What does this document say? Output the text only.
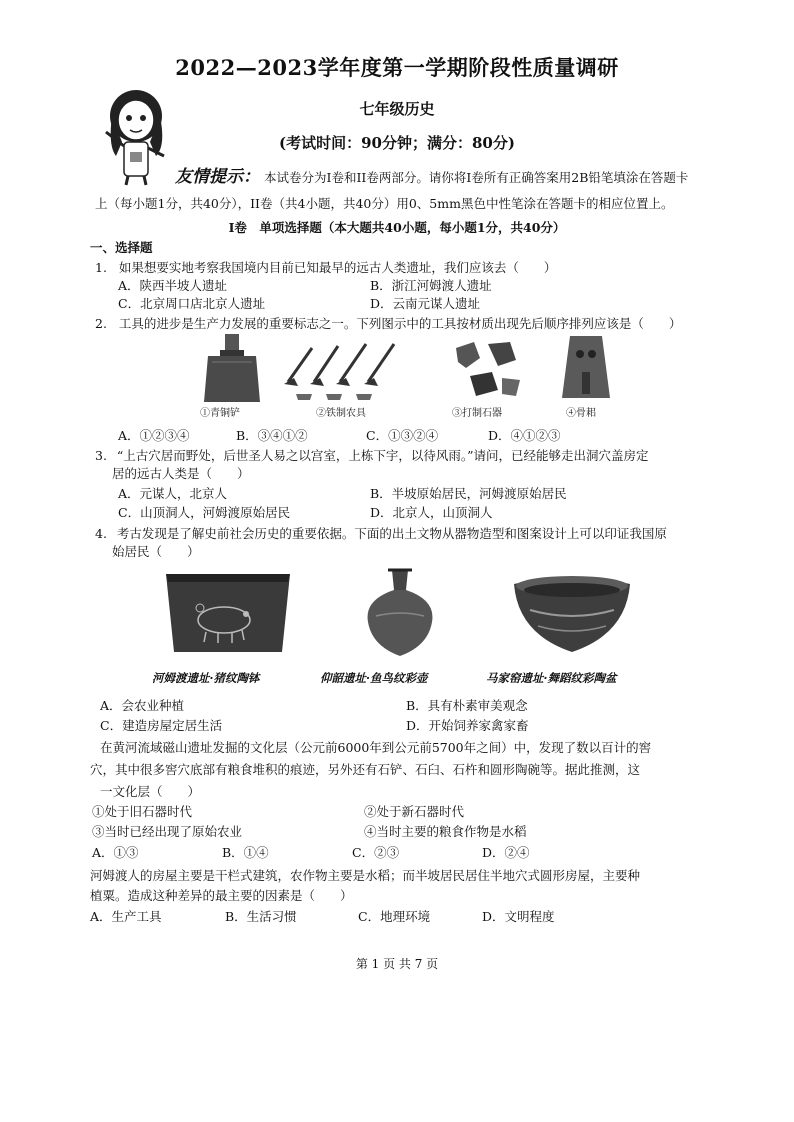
2022—2023学年度第一学期阶段性质量调研
七年级历史
(考试时间：90分钟；满分：80分)
友情提示： 本试卷分为I卷和II卷两部分。请你将I卷所有正确答案用2B铅笔填涂在答题卡
上（每小题1分，共40分），II卷（共4小题，共40分）用0、5mm黑色中性笔涂在答题卡的相应位置上。
I卷　单项选择题（本大题共40小题，每小题1分，共40分）
一、选择题
1. 如果想要实地考察我国境内目前已知最早的远古人类遗址，我们应该去（　　）
A．陕西半坡人遗址	B．浙江河姆渡人遗址
C．北京周口店北京人遗址	D．云南元谋人遗址
2. 工具的进步是生产力发展的重要标志之一。下列图示中的工具按材质出现先后顺序排列应该是（　　）
①青铜铲	②铁制农具	③打制石器	④骨耜
A．①②③④	B．③④①②	C．①③②④	D．④①②③
3. “上古穴居而野处，后世圣人易之以宫室，上栋下宇，以待风雨。”请问，已经能够走出洞穴盖房定
居的远古人类是（　　）
A．元谋人，北京人	B．半坡原始居民，河姆渡原始居民
C．山顶洞人，河姆渡原始居民	D．北京人，山顶洞人
4. 考古发现是了解史前社会历史的重要依据。下面的出土文物从器物造型和图案设计上可以印证我国原
始居民（　　）
河姆渡遗址·猪纹陶钵	仰韶遗址·鱼鸟纹彩壶	马家窑遗址·舞蹈纹彩陶盆
A．会农业种植	B．具有朴素审美观念
C．建造房屋定居生活	D．开始饲养家禽家畜
在黄河流域磁山遗址发掘的文化层（公元前6000年到公元前5700年之间）中，发现了数以百计的窖
穴，其中很多窖穴底部有粮食堆积的痕迹，另外还有石铲、石臼、石杵和圆形陶碗等。据此推测，这
一文化层（　　）
①处于旧石器时代	②处于新石器时代
③当时已经出现了原始农业	④当时主要的粮食作物是水稻
A．①③	B．①④	C．②③	D．②④
河姆渡人的房屋主要是干栏式建筑，农作物主要是水稻；而半坡居民居住半地穴式圆形房屋，主要种
植粟。造成这种差异的最主要的因素是（　　）
A．生产工具	B．生活习惯	C．地理环境	D．文明程度
第 1 页 共 7 页
